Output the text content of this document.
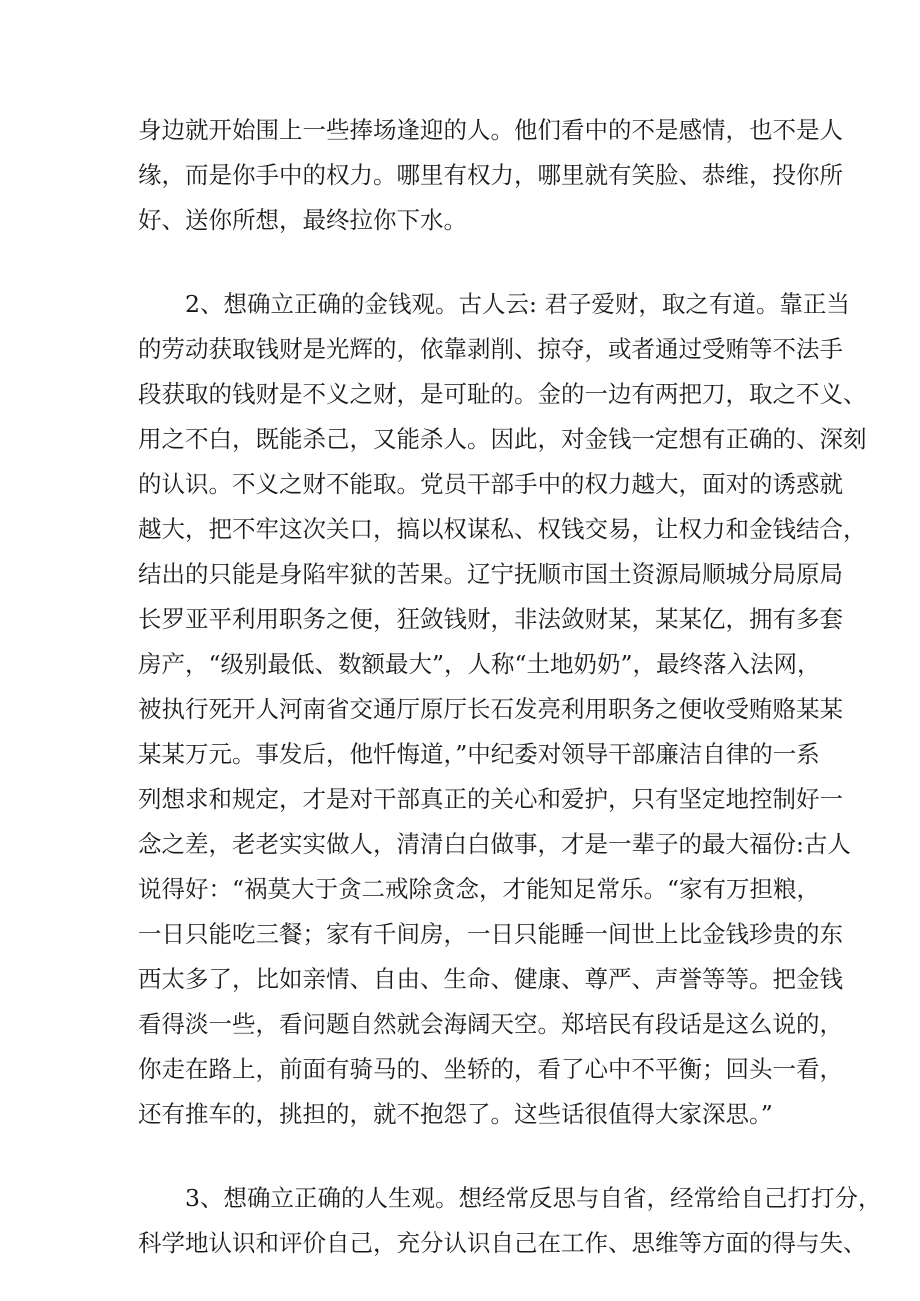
身边就开始围上一些捧场逢迎的人。他们看中的不是感情，也不是人
缘，而是你手中的权力。哪里有权力，哪里就有笑脸、恭维，投你所
好、送你所想，最终拉你下水。
2、想确立正确的金钱观。古人云: 君子爱财，取之有道。靠正当
的劳动获取钱财是光辉的，依靠剥削、掠夺，或者通过受贿等不法手
段获取的钱财是不义之财，是可耻的。金的一边有两把刀，取之不义、
用之不白，既能杀己，又能杀人。因此，对金钱一定想有正确的、深刻
的认识。不义之财不能取。党员干部手中的权力越大，面对的诱惑就
越大，把不牢这次关口，搞以权谋私、权钱交易，让权力和金钱结合，
结出的只能是身陷牢狱的苦果。辽宁抚顺市国土资源局顺城分局原局
长罗亚平利用职务之便，狂敛钱财，非法敛财某，某某亿，拥有多套
房产，“级别最低、数额最大”，人称“土地奶奶”，最终落入法网，
被执行死开人河南省交通厅原厅长石发亮利用职务之便收受贿赂某某
某某万元。事发后，他忏悔道，”中纪委对领导干部廉洁自律的一系
列想求和规定，才是对干部真正的关心和爱护，只有坚定地控制好一
念之差，老老实实做人，清清白白做事，才是一辈子的最大福份:古人
说得好：“祸莫大于贪二戒除贪念，才能知足常乐。“家有万担粮，
一日只能吃三餐；家有千间房，一日只能睡一间世上比金钱珍贵的东
西太多了，比如亲情、自由、生命、健康、尊严、声誉等等。把金钱
看得淡一些，看问题自然就会海阔天空。郑培民有段话是这么说的，
你走在路上，前面有骑马的、坐轿的，看了心中不平衡；回头一看，
还有推车的，挑担的，就不抱怨了。这些话很值得大家深思。”
3、想确立正确的人生观。想经常反思与自省，经常给自己打打分，
科学地认识和评价自己，充分认识自己在工作、思维等方面的得与失、
